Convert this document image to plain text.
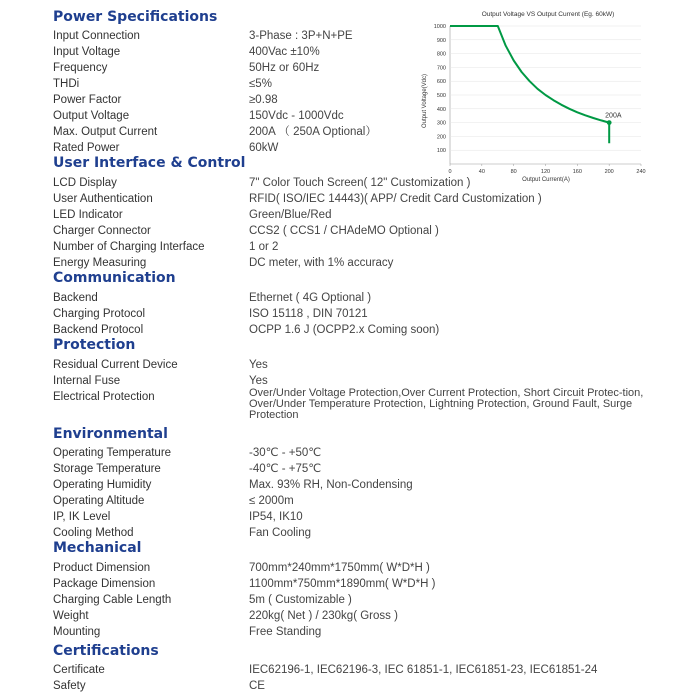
Power Specifications
User Interface & Control
Communication
Protection
Environmental
Mechanical
Certifications
Output Voltage VS Output Current (Eg. 60kW)
Output Voltage(Vdc)
Output Current(A)
100
200
300
400
500
600
700
800
900
1000
0	40	80	120	160	200	240
200A
Input Connection	3-Phase : 3P+N+PE
Input Voltage	400Vac ±10%
Frequency	50Hz or 60Hz
THDi	≤5%
Power Factor	≥0.98
Output Voltage	150Vdc - 1000Vdc
Max. Output Current	200A （ 250A Optional）
Rated Power	60kW
LCD Display	7" Color Touch Screen( 12" Customization )
User Authentication	RFID( ISO/IEC 14443)( APP/ Credit Card Customization )
LED Indicator	Green/Blue/Red
Charger Connector	CCS2 ( CCS1 / CHAdeMO Optional )
Number of Charging Interface	1 or 2
Energy Measuring	DC meter, with 1% accuracy
Backend	Ethernet ( 4G Optional )
Charging Protocol	ISO 15118 , DIN 70121
Backend Protocol	OCPP 1.6 J (OCPP2.x Coming soon)
Residual Current Device	Yes
Internal Fuse	Yes
Electrical Protection	Over/Under Voltage Protection,Over Current Protection, Short Circuit Protec-tion, Over/Under Temperature Protection, Lightning Protection, Ground Fault, Surge Protection
Operating Temperature	-30℃ - +50℃
Storage Temperature	-40℃ - +75℃
Operating Humidity	Max. 93% RH, Non-Condensing
Operating Altitude	≤ 2000m
IP, IK Level	IP54, IK10
Cooling Method	Fan Cooling
Product Dimension	700mm*240mm*1750mm( W*D*H )
Package Dimension	1100mm*750mm*1890mm( W*D*H )
Charging Cable Length	5m ( Customizable )
Weight	220kg( Net ) / 230kg( Gross )
Mounting	Free Standing
Certificate	IEC62196-1, IEC62196-3, IEC 61851-1, IEC61851-23, IEC61851-24
Safety	CE
